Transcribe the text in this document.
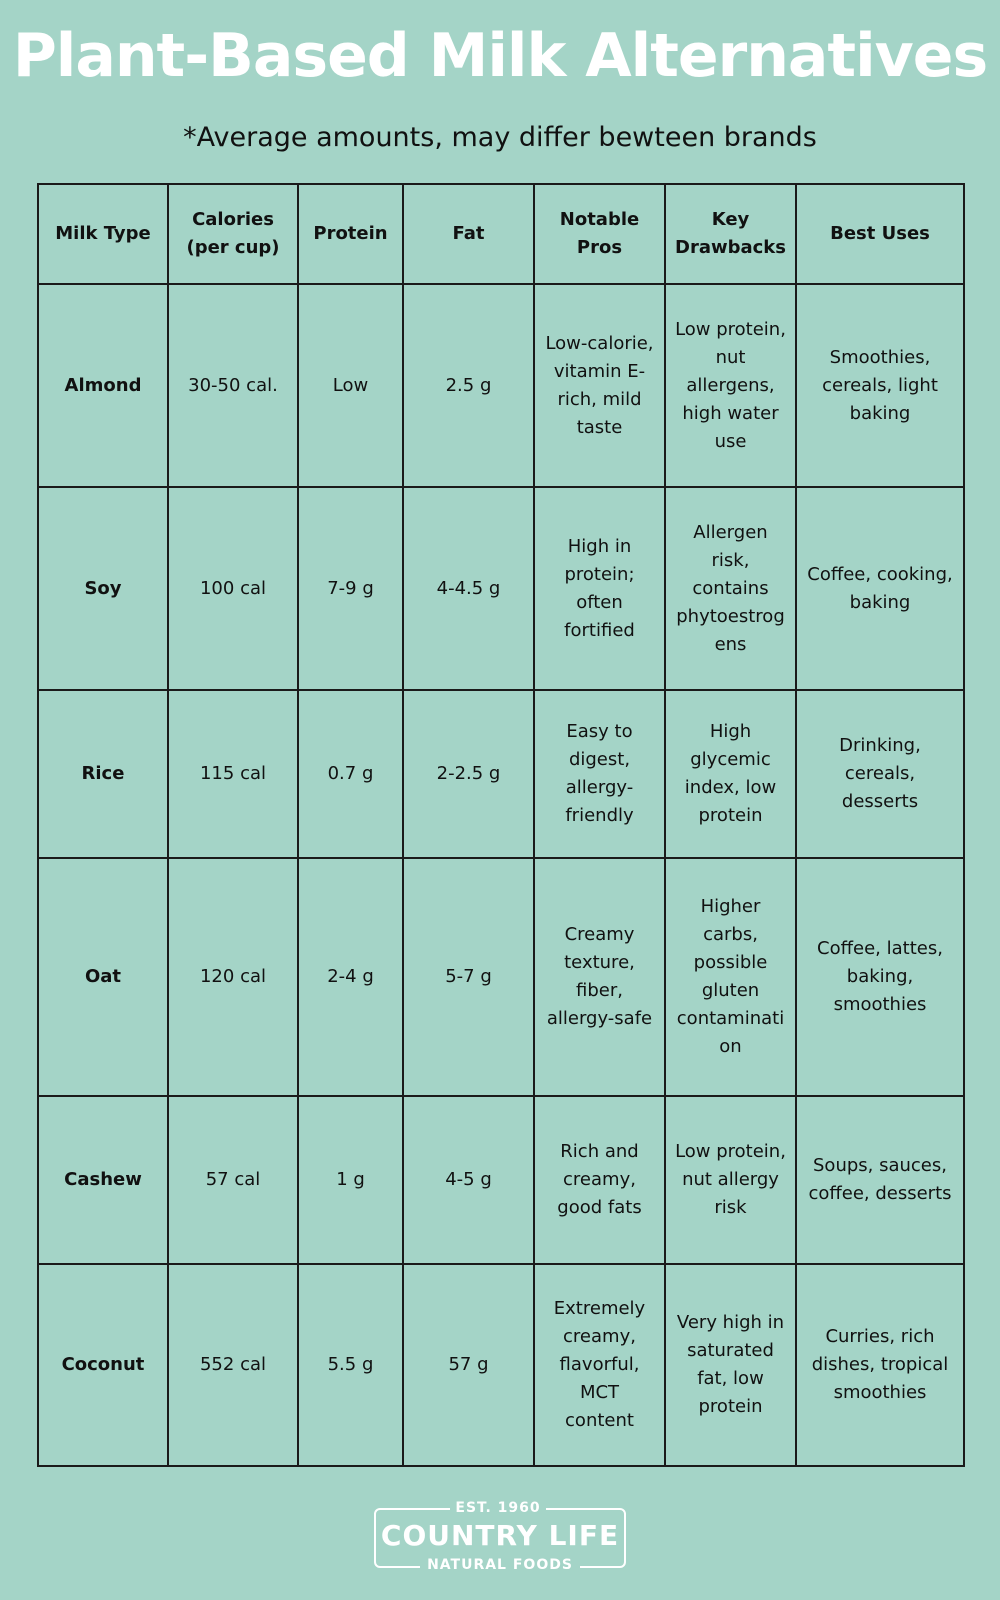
Plant-Based Milk Alternatives
*Average amounts, may differ bewteen brands
Milk Type	Calories (per cup)	Protein	Fat	Notable Pros	Key Drawbacks	Best Uses
Almond	30-50 cal.	Low	2.5 g	Low-calorie, vitamin E-rich, mild taste	Low protein, nut allergens, high water use	Smoothies, cereals, light baking
Soy	100 cal	7-9 g	4-4.5 g	High in protein; often fortified	Allergen risk, contains phytoestrogens	Coffee, cooking, baking
Rice	115 cal	0.7 g	2-2.5 g	Easy to digest, allergy-friendly	High glycemic index, low protein	Drinking, cereals, desserts
Oat	120 cal	2-4 g	5-7 g	Creamy texture, fiber, allergy-safe	Higher carbs, possible gluten contamination	Coffee, lattes, baking, smoothies
Cashew	57 cal	1 g	4-5 g	Rich and creamy, good fats	Low protein, nut allergy risk	Soups, sauces, coffee, desserts
Coconut	552 cal	5.5 g	57 g	Extremely creamy, flavorful, MCT content	Very high in saturated fat, low protein	Curries, rich dishes, tropical smoothies
EST. 1960
COUNTRY LIFE
NATURAL FOODS
